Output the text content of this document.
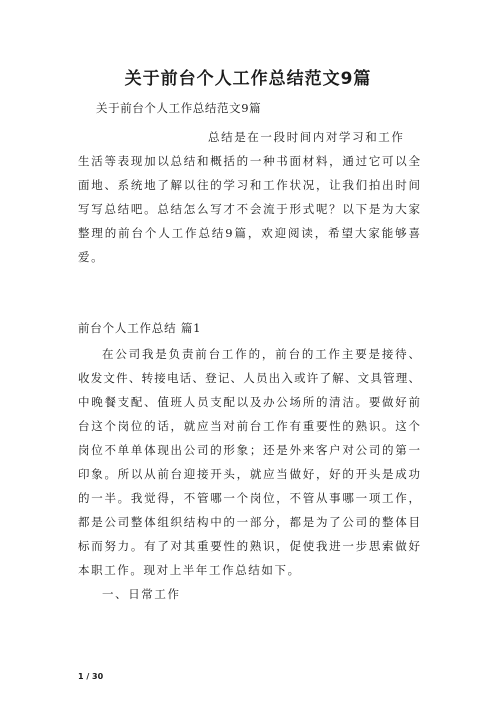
关于前台个人工作总结范文9篇
关于前台个人工作总结范文9篇
总结是在一段时间内对学习和工作
生活等表现加以总结和概括的一种书面材料，通过它可以全
面地、系统地了解以往的学习和工作状况，让我们拍出时间
写写总结吧。总结怎么写才不会流于形式呢？以下是为大家
整理的前台个人工作总结9篇，欢迎阅读，希望大家能够喜
爱。
前台个人工作总结 篇1
在公司我是负责前台工作的，前台的工作主要是接待、
收发文件、转接电话、登记、人员出入或许了解、文具管理、
中晚餐支配、值班人员支配以及办公场所的清洁。要做好前
台这个岗位的话，就应当对前台工作有重要性的熟识。这个
岗位不单单体现出公司的形象；还是外来客户对公司的第一
印象。所以从前台迎接开头，就应当做好，好的开头是成功
的一半。我觉得，不管哪一个岗位，不管从事哪一项工作，
都是公司整体组织结构中的一部分，都是为了公司的整体目
标而努力。有了对其重要性的熟识，促使我进一步思索做好
本职工作。现对上半年工作总结如下。
一、日常工作
1 / 30
